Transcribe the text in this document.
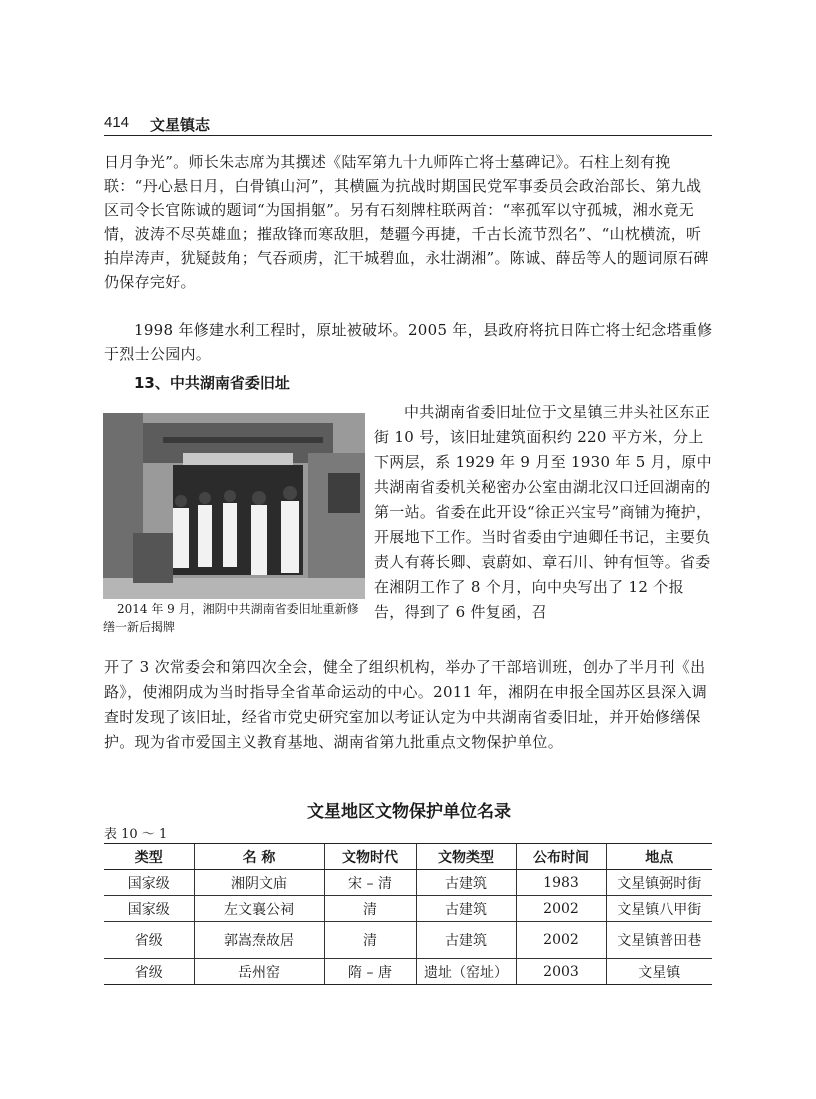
414 文星镇志

日月争光”。师长朱志席为其撰述《陆军第九十九师阵亡将士墓碑记》。石柱上刻有挽联：“丹心悬日月，白骨镇山河”，其横匾为抗战时期国民党军事委员会政治部长、第九战区司令长官陈诚的题词“为国捐躯”。另有石刻牌柱联两首：“率孤军以守孤城，湘水竟无情，波涛不尽英雄血；摧敌锋而寒敌胆，楚疆今再捷，千古长流节烈名”、“山枕横流，听拍岸涛声，犹疑鼓角；气吞顽虏，汇干城碧血，永壮湖湘”。陈诚、薛岳等人的题词原石碑仍保存完好。

1998 年修建水利工程时，原址被破坏。2005 年，县政府将抗日阵亡将士纪念塔重修于烈士公园内。

13、中共湖南省委旧址
2014 年 9 月，湘阴中共湖南省委旧址重新修缮一新后揭牌

中共湖南省委旧址位于文星镇三井头社区东正街 10 号，该旧址建筑面积约 220 平方米，分上下两层，系 1929 年 9 月至 1930 年 5 月，原中共湖南省委机关秘密办公室由湖北汉口迁回湖南的第一站。省委在此开设“徐正兴宝号”商铺为掩护，开展地下工作。当时省委由宁迪卿任书记，主要负责人有蒋长卿、袁蔚如、章石川、钟有恒等。省委在湘阴工作了 8 个月，向中央写出了 12 个报告，得到了 6 件复函，召

开了 3 次常委会和第四次全会，健全了组织机构，举办了干部培训班，创办了半月刊《出路》，使湘阴成为当时指导全省革命运动的中心。2011 年，湘阴在申报全国苏区县深入调查时发现了该旧址，经省市党史研究室加以考证认定为中共湖南省委旧址，并开始修缮保护。现为省市爱国主义教育基地、湖南省第九批重点文物保护单位。

文星地区文物保护单位名录
表 10 ～ 1
类型	名 称	文物时代	文物类型	公布时间	地点
国家级	湘阴文庙	宋 – 清	古建筑	1983	文星镇弼时街
国家级	左文襄公祠	清	古建筑	2002	文星镇八甲街
省级	郭嵩焘故居	清	古建筑	2002	文星镇普田巷
省级	岳州窑	隋 – 唐	遗址（窑址）	2003	文星镇
